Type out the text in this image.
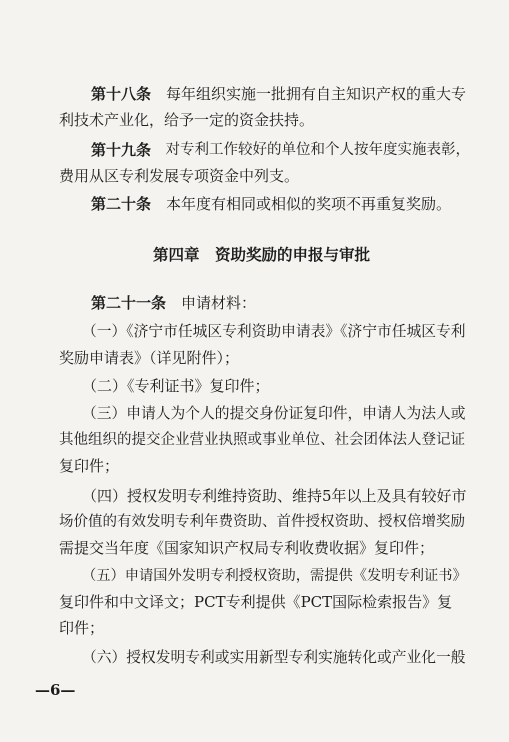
第十八条 　每年组织实施一批拥有自主知识产权的重大专
利技术产业化，给予一定的资金扶持。
第十九条 　对专利工作较好的单位和个人按年度实施表彰，
费用从区专利发展专项资金中列支。
第二十条 　本年度有相同或相似的奖项不再重复奖励。
第四章　资助奖励的申报与审批
第二十一条 　申请材料：
（一）《济宁市任城区专利资助申请表》《济宁市任城区专利
奖励申请表》（详见附件）；
（二）《专利证书》复印件；
（三）申请人为个人的提交身份证复印件，申请人为法人或
其他组织的提交企业营业执照或事业单位、社会团体法人登记证
复印件；
（四）授权发明专利维持资助、维持5年以上及具有较好市
场价值的有效发明专利年费资助、首件授权资助、授权倍增奖励
需提交当年度《国家知识产权局专利收费收据》复印件；
（五）申请国外发明专利授权资助，需提供《发明专利证书》
复印件和中文译文；PCT专利提供《PCT国际检索报告》复
印件；
（六）授权发明专利或实用新型专利实施转化或产业化一般
—6—
